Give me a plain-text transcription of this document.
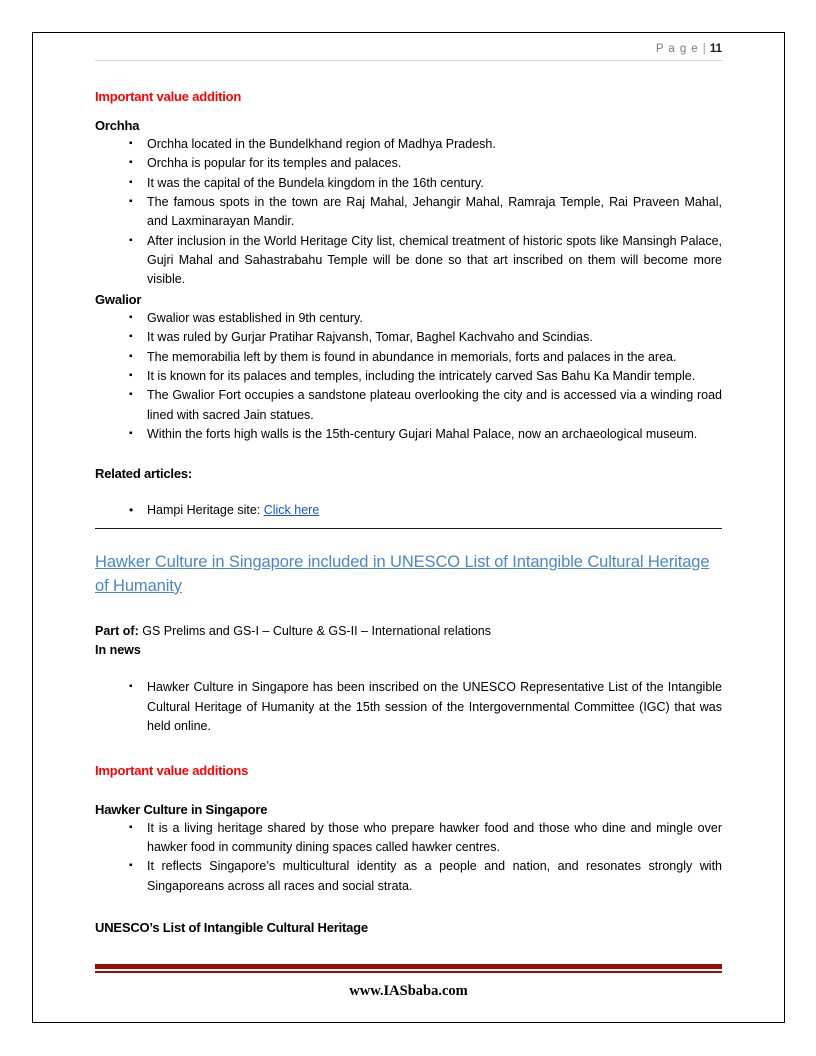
P a g e | 11
Important value addition
Orchha
▪ Orchha located in the Bundelkhand region of Madhya Pradesh.
▪ Orchha is popular for its temples and palaces.
▪ It was the capital of the Bundela kingdom in the 16th century.
▪ The famous spots in the town are Raj Mahal, Jehangir Mahal, Ramraja Temple, Rai Praveen Mahal, and Laxminarayan Mandir.
▪ After inclusion in the World Heritage City list, chemical treatment of historic spots like Mansingh Palace, Gujri Mahal and Sahastrabahu Temple will be done so that art inscribed on them will become more visible.
Gwalior
▪ Gwalior was established in 9th century.
▪ It was ruled by Gurjar Pratihar Rajvansh, Tomar, Baghel Kachvaho and Scindias.
▪ The memorabilia left by them is found in abundance in memorials, forts and palaces in the area.
▪ It is known for its palaces and temples, including the intricately carved Sas Bahu Ka Mandir temple.
▪ The Gwalior Fort occupies a sandstone plateau overlooking the city and is accessed via a winding road lined with sacred Jain statues.
▪ Within the forts high walls is the 15th-century Gujari Mahal Palace, now an archaeological museum.
Related articles:
• Hampi Heritage site: Click here
Hawker Culture in Singapore included in UNESCO List of Intangible Cultural Heritage of Humanity
Part of: GS Prelims and GS-I – Culture & GS-II – International relations
In news
▪ Hawker Culture in Singapore has been inscribed on the UNESCO Representative List of the Intangible Cultural Heritage of Humanity at the 15th session of the Intergovernmental Committee (IGC) that was held online.
Important value additions
Hawker Culture in Singapore
▪ It is a living heritage shared by those who prepare hawker food and those who dine and mingle over hawker food in community dining spaces called hawker centres.
▪ It reflects Singapore’s multicultural identity as a people and nation, and resonates strongly with Singaporeans across all races and social strata.
UNESCO’s List of Intangible Cultural Heritage
www.IASbaba.com
